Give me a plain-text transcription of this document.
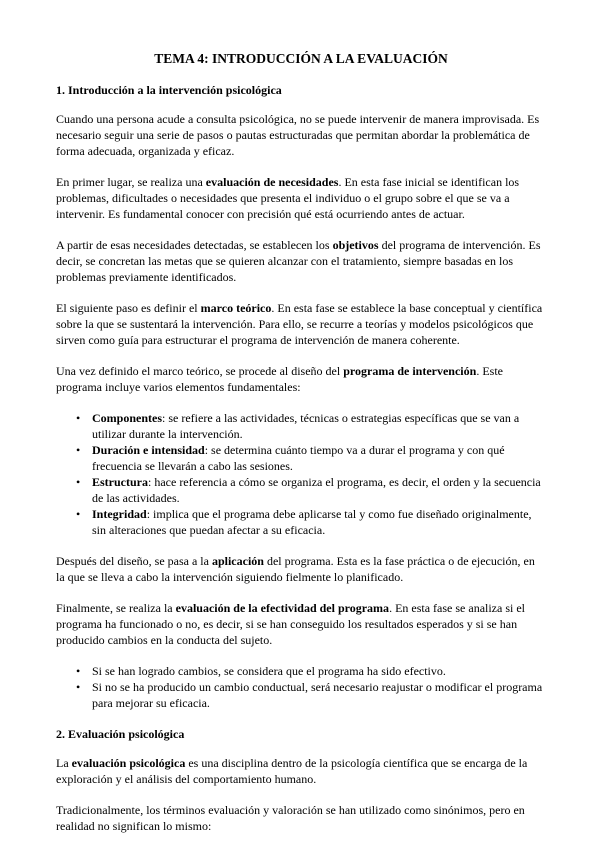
TEMA 4: INTRODUCCIÓN A LA EVALUACIÓN
1. Introducción a la intervención psicológica
Cuando una persona acude a consulta psicológica, no se puede intervenir de manera improvisada. Es necesario seguir una serie de pasos o pautas estructuradas que permitan abordar la problemática de forma adecuada, organizada y eficaz.
En primer lugar, se realiza una evaluación de necesidades. En esta fase inicial se identifican los problemas, dificultades o necesidades que presenta el individuo o el grupo sobre el que se va a intervenir. Es fundamental conocer con precisión qué está ocurriendo antes de actuar.
A partir de esas necesidades detectadas, se establecen los objetivos del programa de intervención. Es decir, se concretan las metas que se quieren alcanzar con el tratamiento, siempre basadas en los problemas previamente identificados.
El siguiente paso es definir el marco teórico. En esta fase se establece la base conceptual y científica sobre la que se sustentará la intervención. Para ello, se recurre a teorías y modelos psicológicos que sirven como guía para estructurar el programa de intervención de manera coherente.
Una vez definido el marco teórico, se procede al diseño del programa de intervención. Este programa incluye varios elementos fundamentales:
• Componentes: se refiere a las actividades, técnicas o estrategias específicas que se van a utilizar durante la intervención.
• Duración e intensidad: se determina cuánto tiempo va a durar el programa y con qué frecuencia se llevarán a cabo las sesiones.
• Estructura: hace referencia a cómo se organiza el programa, es decir, el orden y la secuencia de las actividades.
• Integridad: implica que el programa debe aplicarse tal y como fue diseñado originalmente, sin alteraciones que puedan afectar a su eficacia.
Después del diseño, se pasa a la aplicación del programa. Esta es la fase práctica o de ejecución, en la que se lleva a cabo la intervención siguiendo fielmente lo planificado.
Finalmente, se realiza la evaluación de la efectividad del programa. En esta fase se analiza si el programa ha funcionado o no, es decir, si se han conseguido los resultados esperados y si se han producido cambios en la conducta del sujeto.
• Si se han logrado cambios, se considera que el programa ha sido efectivo.
• Si no se ha producido un cambio conductual, será necesario reajustar o modificar el programa para mejorar su eficacia.
2. Evaluación psicológica
La evaluación psicológica es una disciplina dentro de la psicología científica que se encarga de la exploración y el análisis del comportamiento humano.
Tradicionalmente, los términos evaluación y valoración se han utilizado como sinónimos, pero en realidad no significan lo mismo:
